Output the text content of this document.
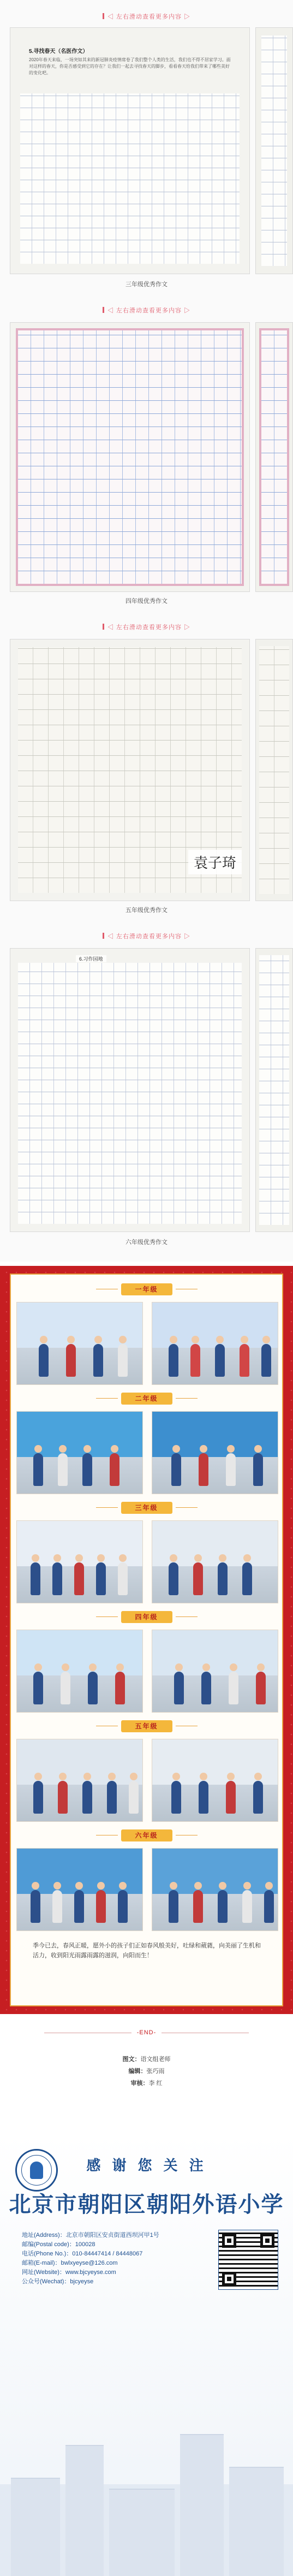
◁ 左右滑动查看更多内容 ▷
5.寻找春天（名医作文）
2020年春天来临，一场突如其来的新冠肺炎疫情席卷了我们整个人类的生活，我们也不得不居家学习。面对这样的春天，你是否感受到它的存在？让我们一起去寻找春天的脚步，看看春天给我们带来了哪些美好的变化吧。
三年级优秀作文
◁ 左右滑动查看更多内容 ▷
四年级优秀作文
◁ 左右滑动查看更多内容 ▷
袁子琦
五年级优秀作文
◁ 左右滑动查看更多内容 ▷
6.习作园地
六年级优秀作文
一年级
二年级
三年级
四年级
五年级
六年级
季今已去，春风正暖，愿外小的孩子们正如春风般美好，吐绿和葳蕤，向美丽了生机和活力，收到阳光雨露雨露的滋润，向阳而生！
-END-
图文：语文组老师
编辑：张巧雨
审核：李 红
感 谢 您 关 注
北京市朝阳区朝阳外语小学
地址(Address)：北京市朝阳区安贞街道西坝河甲1号
邮编(Postal code)：100028
电话(Phone No.)：010-84447414 / 84448067
邮箱(E-mail)：bwlxyeyse@126.com
网址(Website)：www.bjcyeyse.com
公众号(Wechat)：bjcyeyse
